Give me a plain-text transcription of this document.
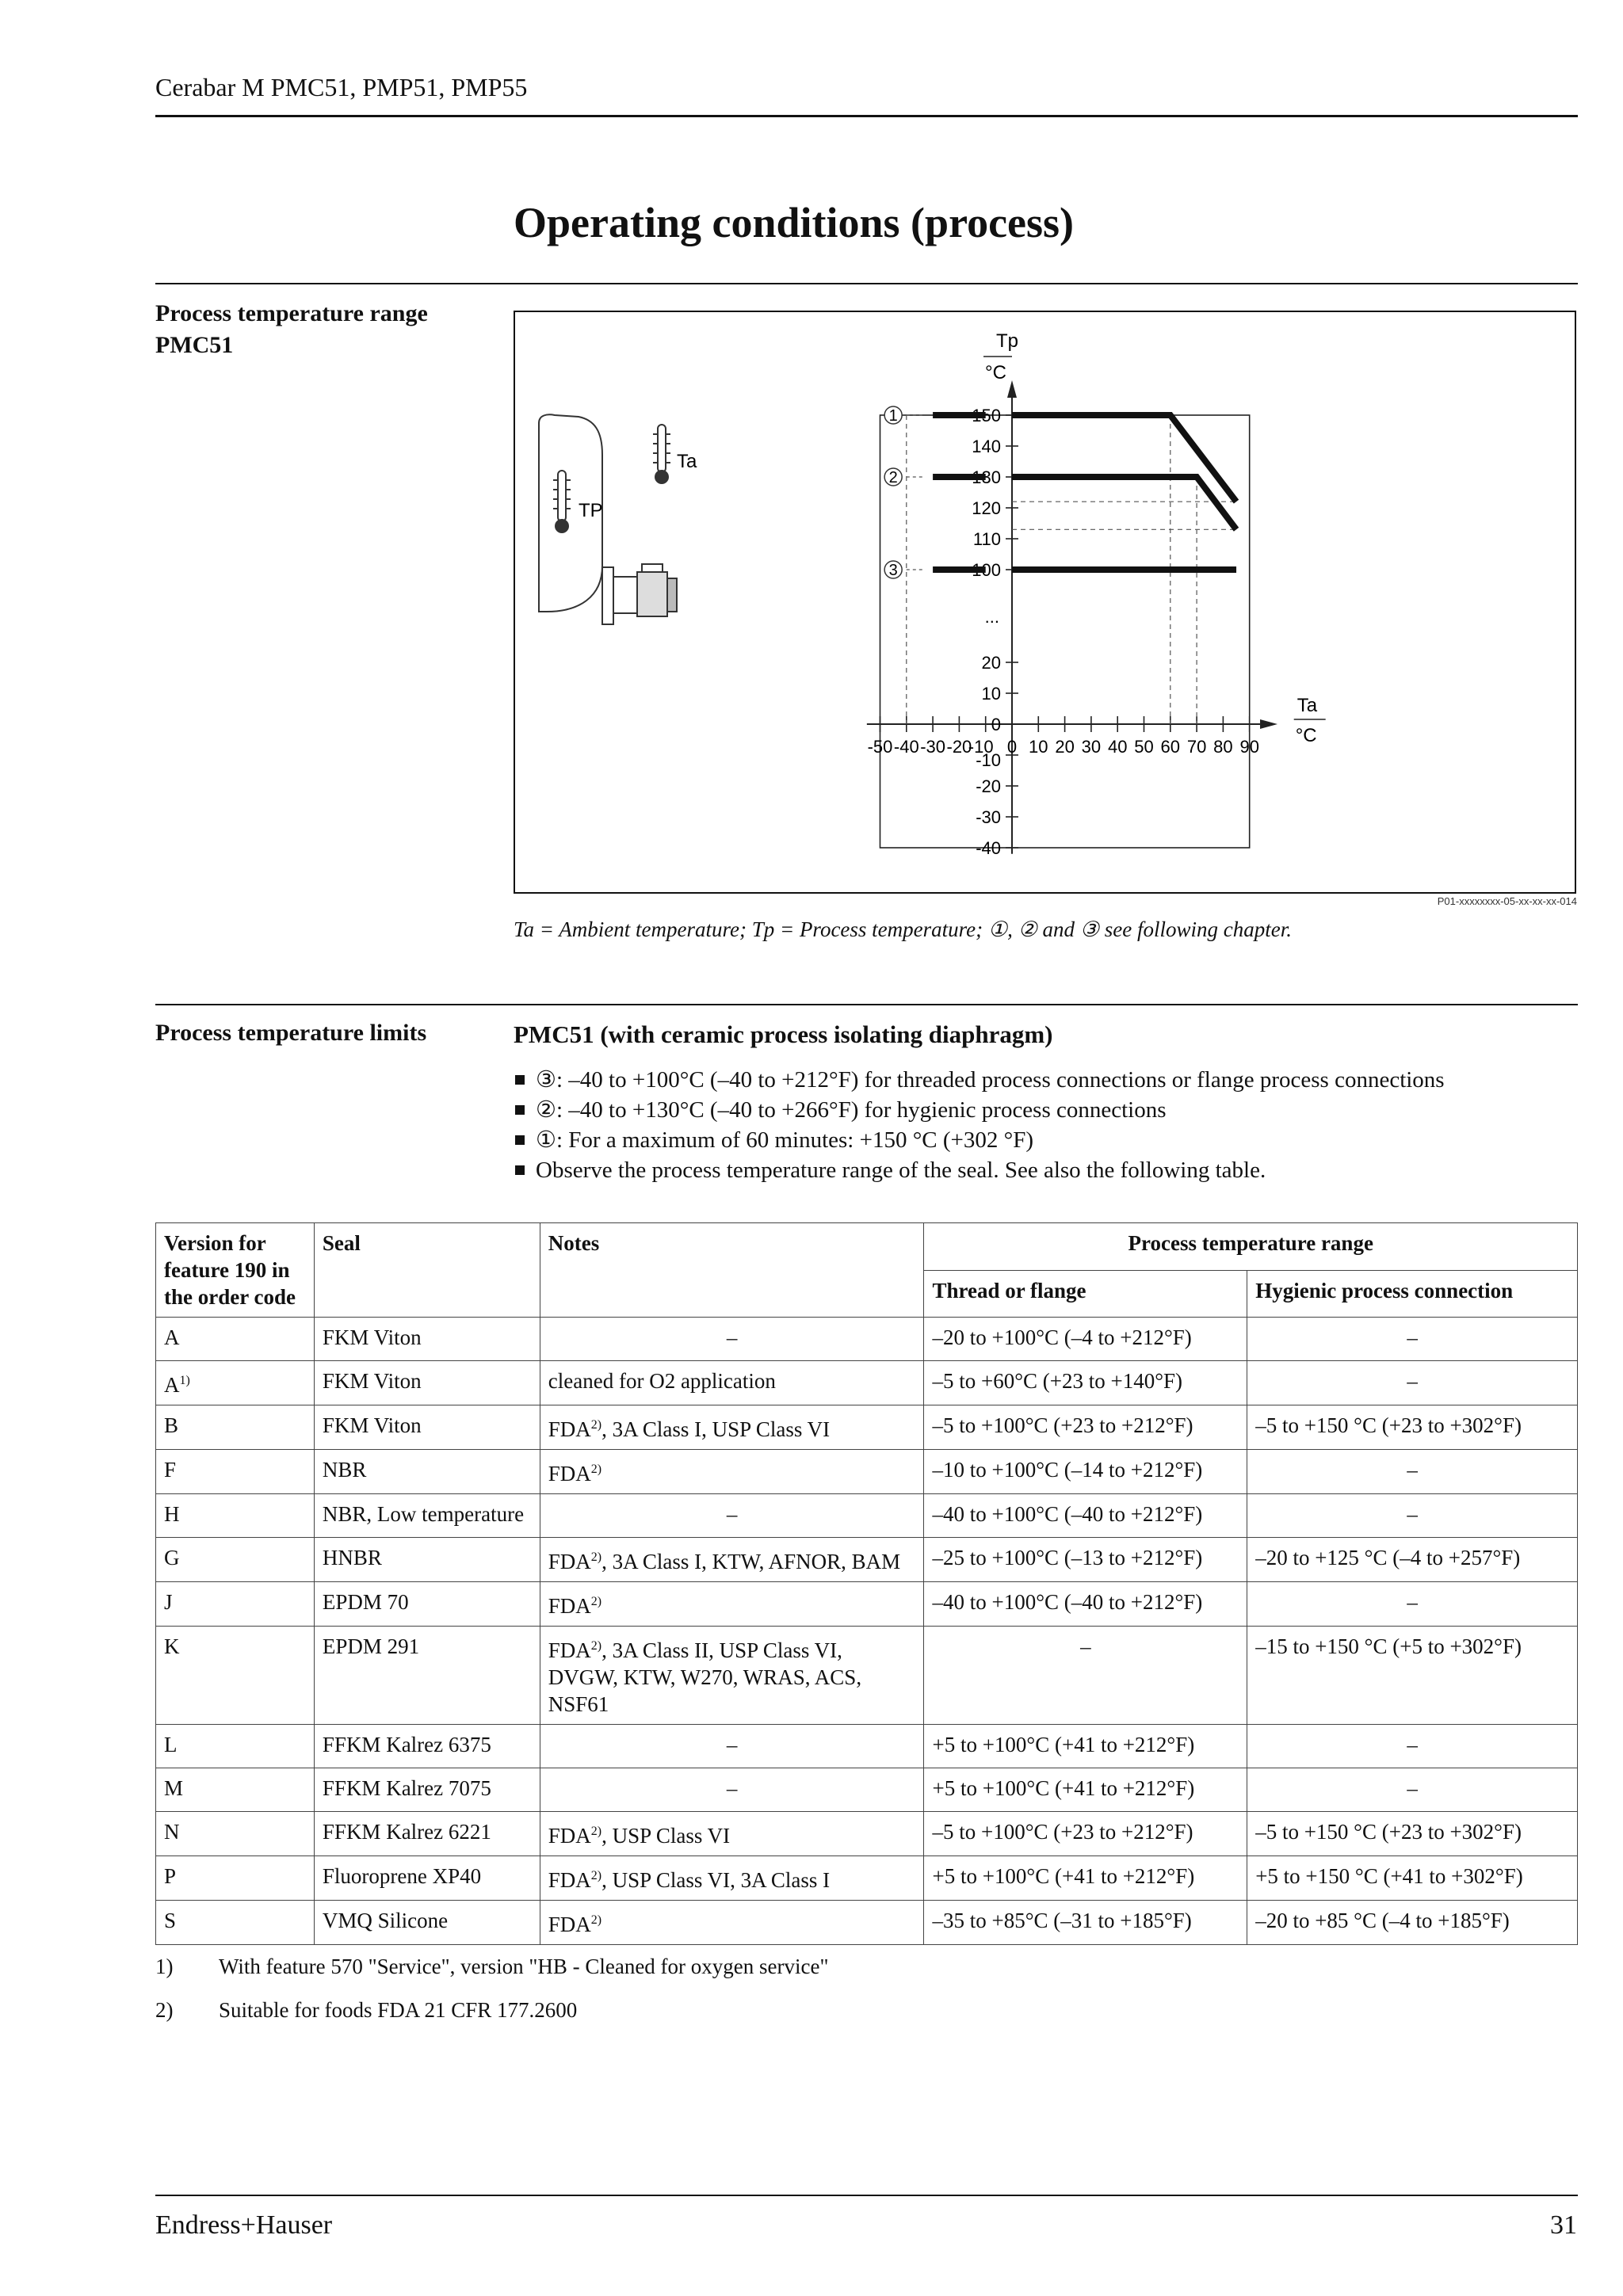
Cerabar M PMC51, PMP51, PMP55
Operating conditions (process)
Process temperature range
PMC51
TP
Ta
-50 -40 -30 -20
-10 0 10 20 30 40 50 60 70 80 90
150
140
130
120
110
100
20
10
0
-10
-20
-30
-40
...
Tp
°C
Ta
°C
1
2
3
P01-xxxxxxxx-05-xx-xx-xx-014
Ta = Ambient temperature; Tp = Process temperature; ①, ② and ③ see following chapter.
Process temperature limits	PMC51 (with ceramic process isolating diaphragm)
③: –40 to +100°C (–40 to +212°F) for threaded process connections or flange process connections
②: –40 to +130°C (–40 to +266°F) for hygienic process connections
①: For a maximum of 60 minutes: +150 °C (+302 °F)
Observe the process temperature range of the seal. See also the following table.
Version for feature 190 in the order code	Seal	Notes	Process temperature range	
			Thread or flange	Hygienic process connection
A	FKM Viton	–	–20 to +100°C (–4 to +212°F)	–
$A^{1)}$	FKM Viton	cleaned for O2 application	–5 to +60°C (+23 to +140°F)	–
B	FKM Viton	FDA$^{2)}$, 3A Class I, USP Class VI	–5 to +100°C (+23 to +212°F)	–5 to +150 °C (+23 to +302°F)
F	NBR	FDA$^{2)}$	–10 to +100°C (–14 to +212°F)	–
H	NBR, Low temperature	–	–40 to +100°C (–40 to +212°F)	–
G	HNBR	FDA$^{2)}$, 3A Class I, KTW, AFNOR, BAM	–25 to +100°C (–13 to +212°F)	–20 to +125 °C (–4 to +257°F)
J	EPDM 70	FDA$^{2)}$	–40 to +100°C (–40 to +212°F)	–
K	EPDM 291	FDA$^{2)}$, 3A Class II, USP Class VI, DVGW, KTW, W270, WRAS, ACS, NSF61	–	–15 to +150 °C (+5 to +302°F)
L	FFKM Kalrez 6375	–	+5 to +100°C (+41 to +212°F)	–
M	FFKM Kalrez 7075	–	+5 to +100°C (+41 to +212°F)	–
N	FFKM Kalrez 6221	FDA$^{2)}$, USP Class VI	–5 to +100°C (+23 to +212°F)	–5 to +150 °C (+23 to +302°F)
P	Fluoroprene XP40	FDA$^{2)}$, USP Class VI, 3A Class I	+5 to +100°C (+41 to +212°F)	+5 to +150 °C (+41 to +302°F)
S	VMQ Silicone	FDA$^{2)}$	–35 to +85°C (–31 to +185°F)	–20 to +85 °C (–4 to +185°F)
1) With feature 570 "Service", version "HB - Cleaned for oxygen service"
2) Suitable for foods FDA 21 CFR 177.2600
Endress+Hauser	31
